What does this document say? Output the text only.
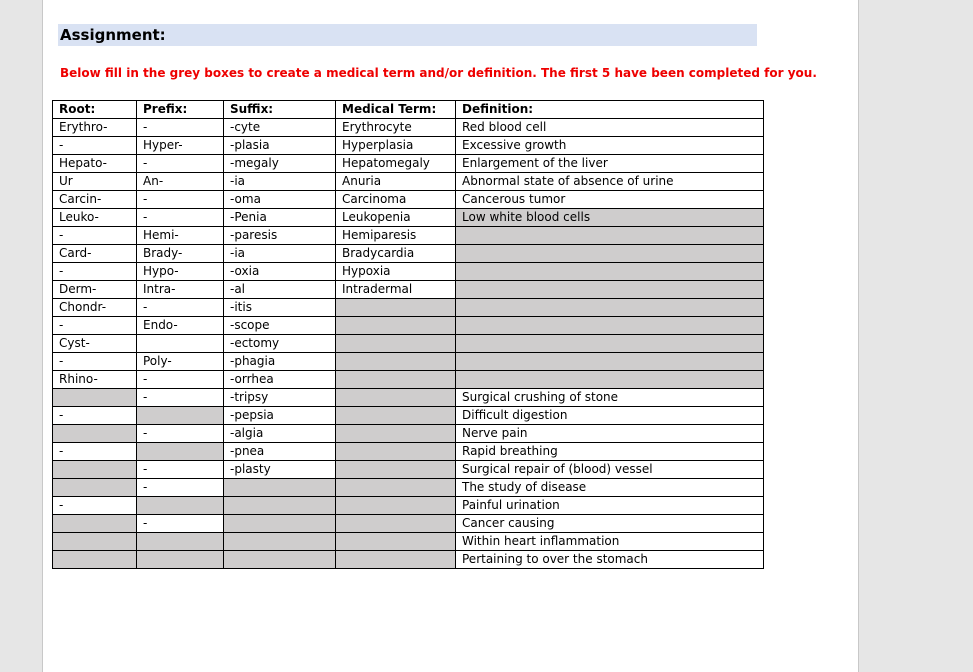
Assignment:
Below fill in the grey boxes to create a medical term and/or definition. The first 5 have been completed for you.
Root:	Prefix:	Suffix:	Medical Term:	Definition:
Erythro-	-	-cyte	Erythrocyte	Red blood cell
-	Hyper-	-plasia	Hyperplasia	Excessive growth
Hepato-	-	-megaly	Hepatomegaly	Enlargement of the liver
Ur	An-	-ia	Anuria	Abnormal state of absence of urine
Carcin-	-	-oma	Carcinoma	Cancerous tumor
Leuko-	-	-Penia	Leukopenia	Low white blood cells
-	Hemi-	-paresis	Hemiparesis	
Card-	Brady-	-ia	Bradycardia	
-	Hypo-	-oxia	Hypoxia	
Derm-	Intra-	-al	Intradermal	
Chondr-	-	-itis		
-	Endo-	-scope		
Cyst-		-ectomy		
-	Poly-	-phagia		
Rhino-	-	-orrhea		
	-	-tripsy		Surgical crushing of stone
-		-pepsia		Difficult digestion
	-	-algia		Nerve pain
-		-pnea		Rapid breathing
	-	-plasty		Surgical repair of (blood) vessel
	-			The study of disease
-				Painful urination
	-			Cancer causing
				Within heart inflammation
				Pertaining to over the stomach
